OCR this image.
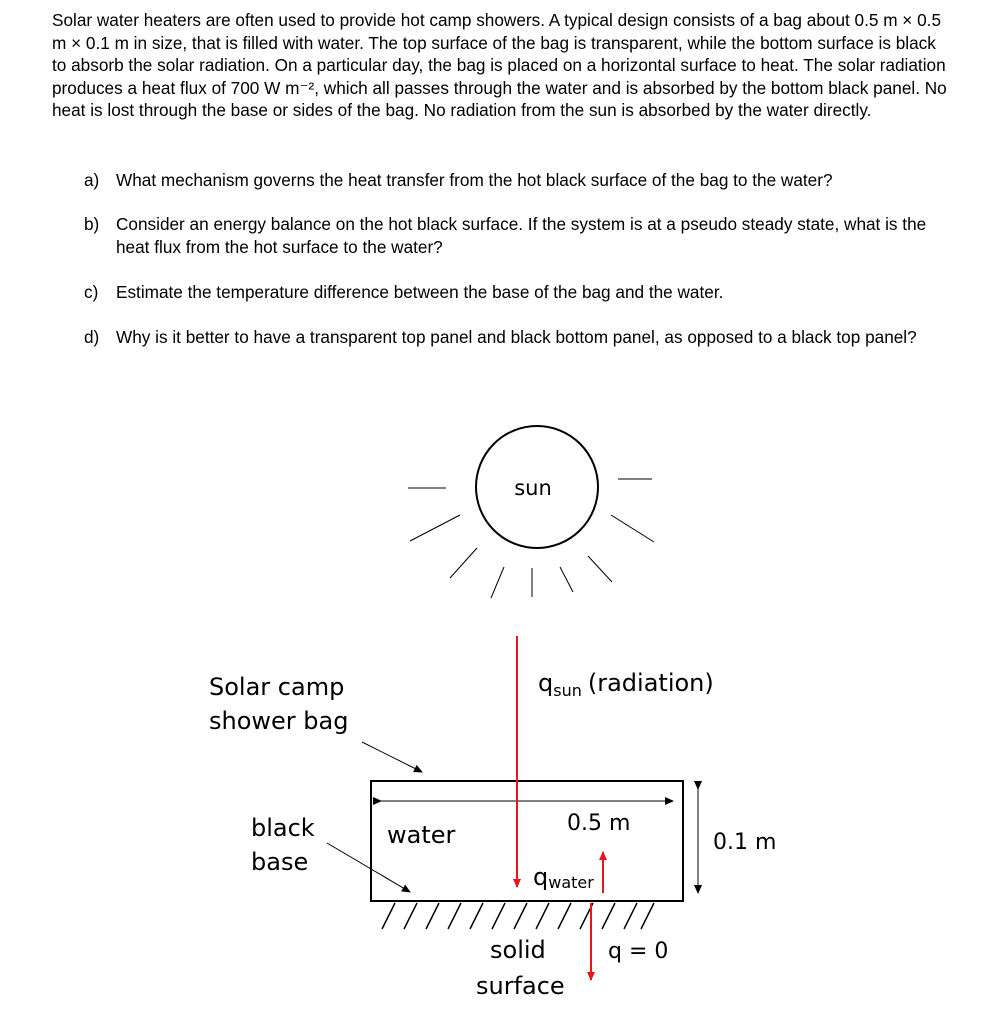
Solar water heaters are often used to provide hot camp showers. A typical design consists of a bag about 0.5 m × 0.5 m × 0.1 m in size, that is filled with water. The top surface of the bag is transparent, while the bottom surface is black to absorb the solar radiation. On a particular day, the bag is placed on a horizontal surface to heat. The solar radiation produces a heat flux of 700 W m⁻², which all passes through the water and is absorbed by the bottom black panel. No heat is lost through the base or sides of the bag. No radiation from the sun is absorbed by the water directly.
a) What mechanism governs the heat transfer from the hot black surface of the bag to the water?
b) Consider an energy balance on the hot black surface. If the system is at a pseudo steady state, what is the heat flux from the hot surface to the water?
c) Estimate the temperature difference between the base of the bag and the water.
d) Why is it better to have a transparent top panel and black bottom panel, as opposed to a black top panel?
sun
$q_{sun}$ (radiation)
Solar camp
shower bag
black
base
0.5 m
0.1 m
water
qwater
solid
surface
q = 0
